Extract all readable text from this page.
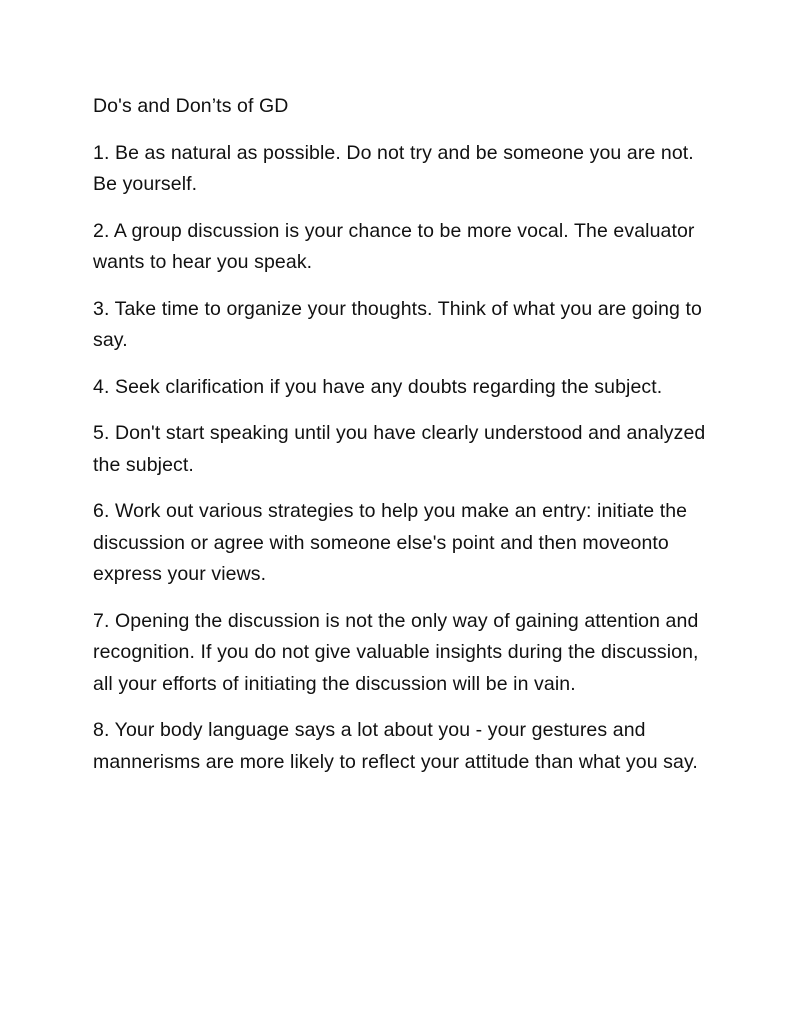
Do's and Don’ts of GD

1. Be as natural as possible. Do not try and be someone you are not. Be yourself.

2. A group discussion is your chance to be more vocal. The evaluator wants to hear you speak.

3. Take time to organize your thoughts. Think of what you are going to say.

4. Seek clarification if you have any doubts regarding the subject.

5. Don't start speaking until you have clearly understood and analyzed the subject.

6. Work out various strategies to help you make an entry: initiate the discussion or agree with someone else's point and then moveonto express your views.

7. Opening the discussion is not the only way of gaining attention and recognition. If you do not give valuable insights during the discussion, all your efforts of initiating the discussion will be in vain.

8. Your body language says a lot about you - your gestures and mannerisms are more likely to reflect your attitude than what you say.
